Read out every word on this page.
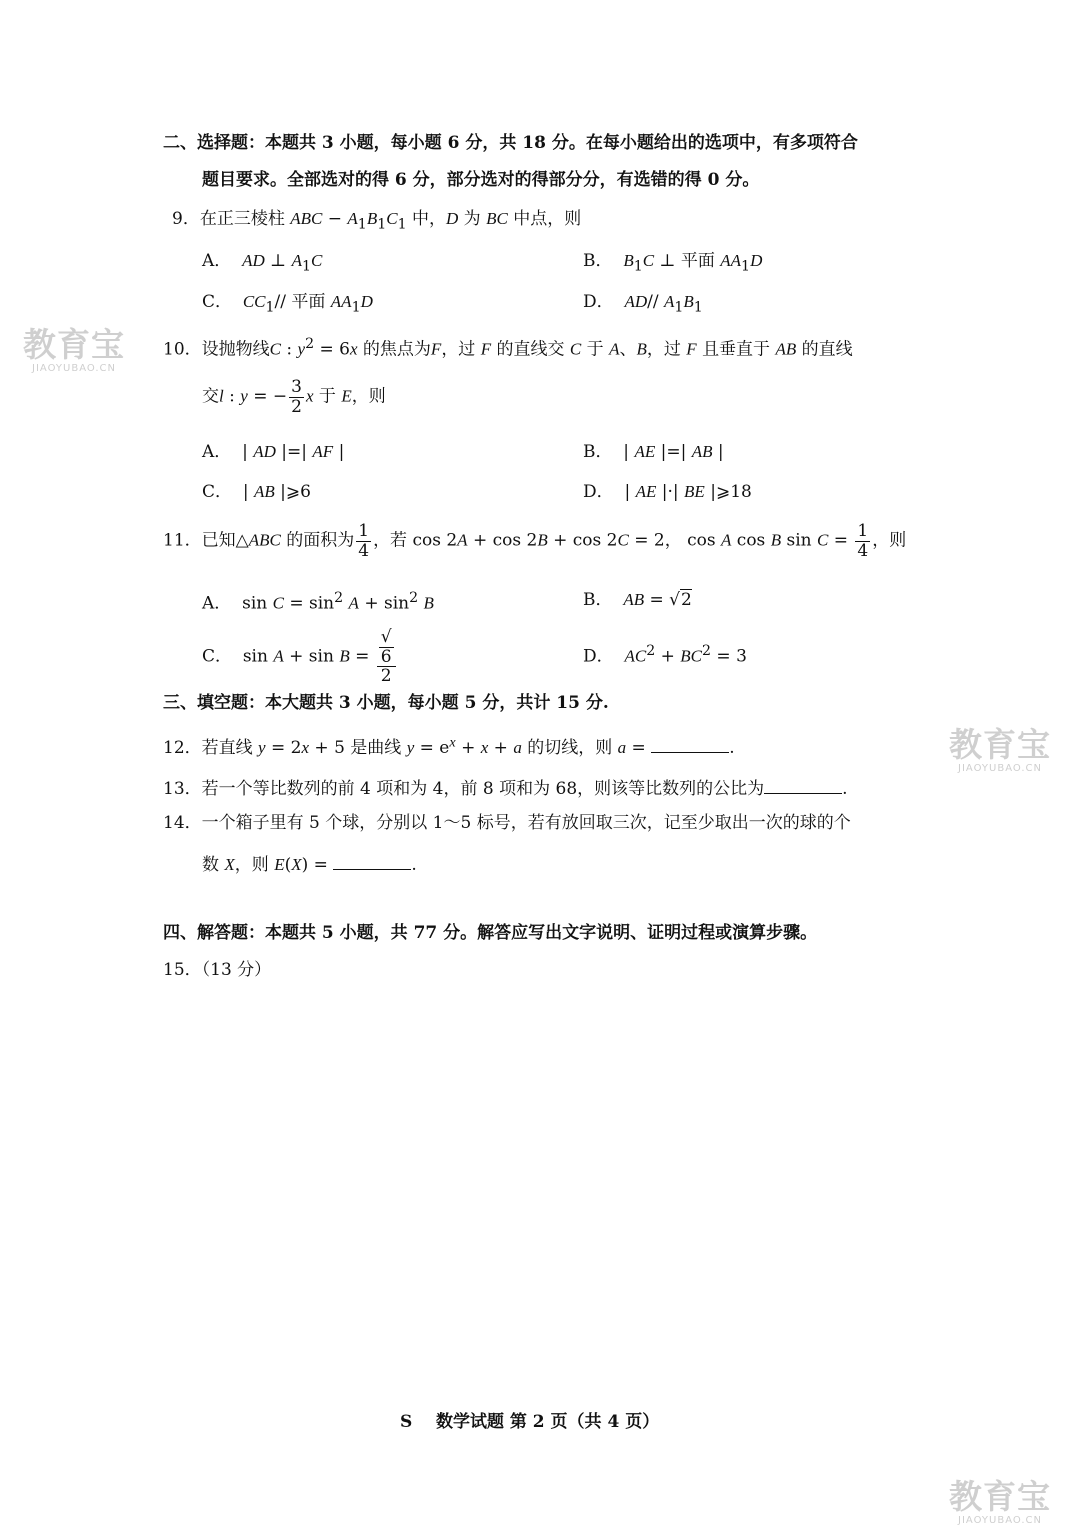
二、选择题：本题共 3 小题，每小题 6 分，共 18 分。在每小题给出的选项中，有多项符合
题目要求。全部选对的得 6 分，部分选对的得部分分，有选错的得 0 分。
9．在正三棱柱 ABC − $A_1B_1C_1$ 中，D 为 BC 中点，则
A． AD ⊥ $A_1C$	B． $B_1C$ ⊥ 平面 $AA_1D$
C． $CC_1//$ 平面 $AA_1D$	D． AD// $A_1B_1$
10．设抛物线C : $y^2 = 6x$ 的焦点为F，过 F 的直线交 C 于 A、B，过 F 且垂直于 AB 的直线
交l : y = − $\frac{3}{2}$ x 于 E，则
A．  | AD |=| AF |	B．  | AE |=| AB |
C．  | AB |⩾6	D．  | AE |·| BE |⩾18
11．已知△ABC 的面积为 $\frac{1}{4}$ ，若 cos 2A + cos 2B + cos 2C = 2， cos A cos B $\sin C = \frac{1}{4}$ ，则
A．  $\sin C = \sin^2 A + \sin^2 B$	B． AB = √2
C．  sin A + sin B = √
6
2	D． $AC^2 + BC^2 = 3$
三、填空题：本大题共 3 小题，每小题 5 分，共计 15 分.
12．若直线 y = 2x + 5 是曲线 $y = e^x + x + a$ 的切线，则 a =	.
13．若一个等比数列的前 4 项和为 4，前 8 项和为 68，则该等比数列的公比为	.
14．一个箱子里有 5 个球，分别以 1～5 标号，若有放回取三次，记至少取出一次的球的个
数 X，则 E(X) =	.
四、解答题：本题共 5 小题，共 77 分。解答应写出文字说明、证明过程或演算步骤。
15．（13 分）
S 数学试题 第 2 页（共 4 页）
教育宝
JIAOYUBAO.CN
教育宝
JIAOYUBAO.CN
教育宝
JIAOYUBAO.CN
